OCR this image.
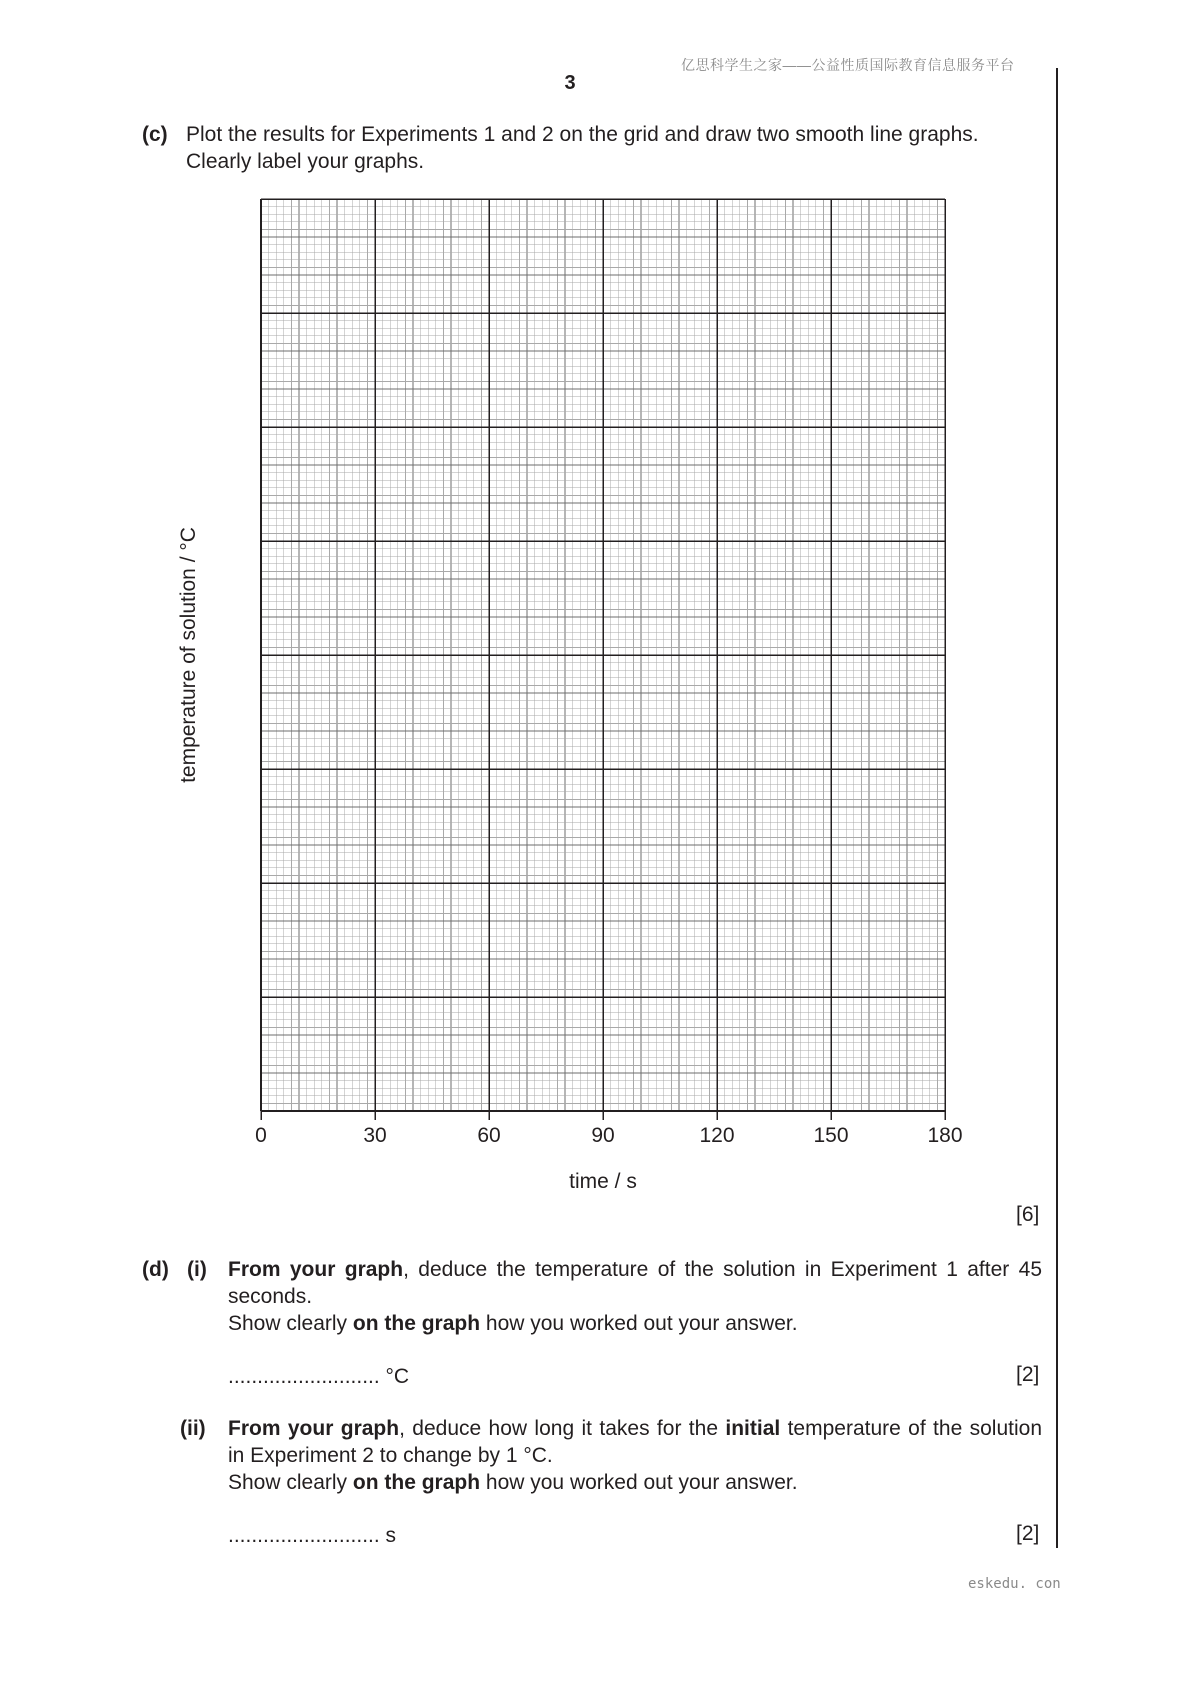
亿思科学生之家——公益性质国际教育信息服务平台
3
(c) Plot the results for Experiments 1 and 2 on the grid and draw two smooth line graphs.
Clearly label your graphs.
0	30	60	90	120	150	180
time / s
temperature of solution / °C
[6]
(d) (i) From your graph, deduce the temperature of the solution in Experiment 1 after 45 seconds.
Show clearly on the graph how you worked out your answer.
.......................... °C	[2]
(ii) From your graph, deduce how long it takes for the initial temperature of the solution in Experiment 2 to change by 1 °C.
Show clearly on the graph how you worked out your answer.
.......................... s	[2]
eskedu. con
